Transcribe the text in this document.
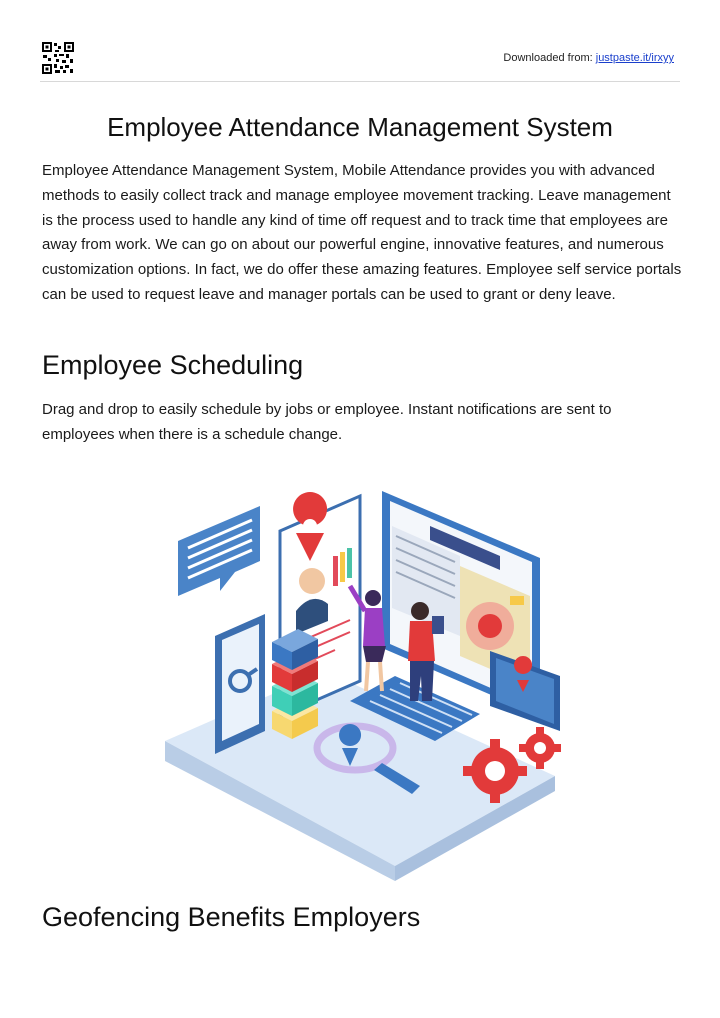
Downloaded from: justpaste.it/irxyy
Employee Attendance Management System

Employee Attendance Management System, Mobile Attendance provides you with advanced methods to easily collect track and manage employee movement tracking. Leave management is the process used to handle any kind of time off request and to track time that employees are away from work. We can go on about our powerful engine, innovative features, and numerous customization options. In fact, we do offer these amazing features. Employee self service portals can be used to request leave and manager portals can be used to grant or deny leave.

Employee Scheduling

Drag and drop to easily schedule by jobs or employee. Instant notifications are sent to employees when there is a schedule change.

Geofencing Benefits Employers
